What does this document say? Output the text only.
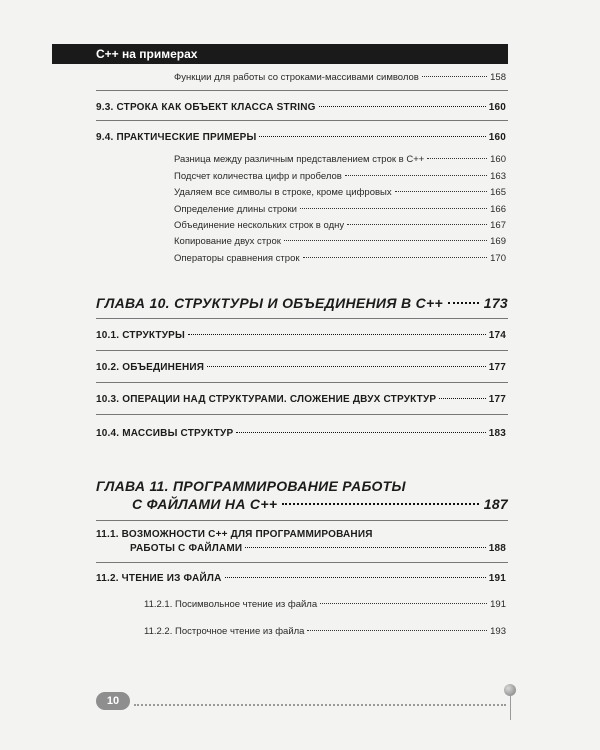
C++ на примерах
Функции для работы со строками-массивами символов	158
9.3. СТРОКА КАК ОБЪЕКТ КЛАССА STRING	160
9.4. ПРАКТИЧЕСКИЕ ПРИМЕРЫ	160
Разница между различным представлением строк в C++	160
Подсчет количества цифр и пробелов	163
Удаляем все символы в строке, кроме цифровых	165
Определение длины строки	166
Объединение нескольких строк в одну	167
Копирование двух строк	169
Операторы сравнения строк	170
ГЛАВА 10. СТРУКТУРЫ И ОБЪЕДИНЕНИЯ В C++	173
10.1. СТРУКТУРЫ	174
10.2. ОБЪЕДИНЕНИЯ	177
10.3. ОПЕРАЦИИ НАД СТРУКТУРАМИ. СЛОЖЕНИЕ ДВУХ СТРУКТУР	177
10.4. МАССИВЫ СТРУКТУР	183
ГЛАВА 11. ПРОГРАММИРОВАНИЕ РАБОТЫ
С ФАЙЛАМИ НА C++	187
11.1. ВОЗМОЖНОСТИ C++ ДЛЯ ПРОГРАММИРОВАНИЯ
РАБОТЫ С ФАЙЛАМИ	188
11.2. ЧТЕНИЕ ИЗ ФАЙЛА	191
11.2.1. Посимвольное чтение из файла	191
11.2.2. Построчное чтение из файла	193
10
